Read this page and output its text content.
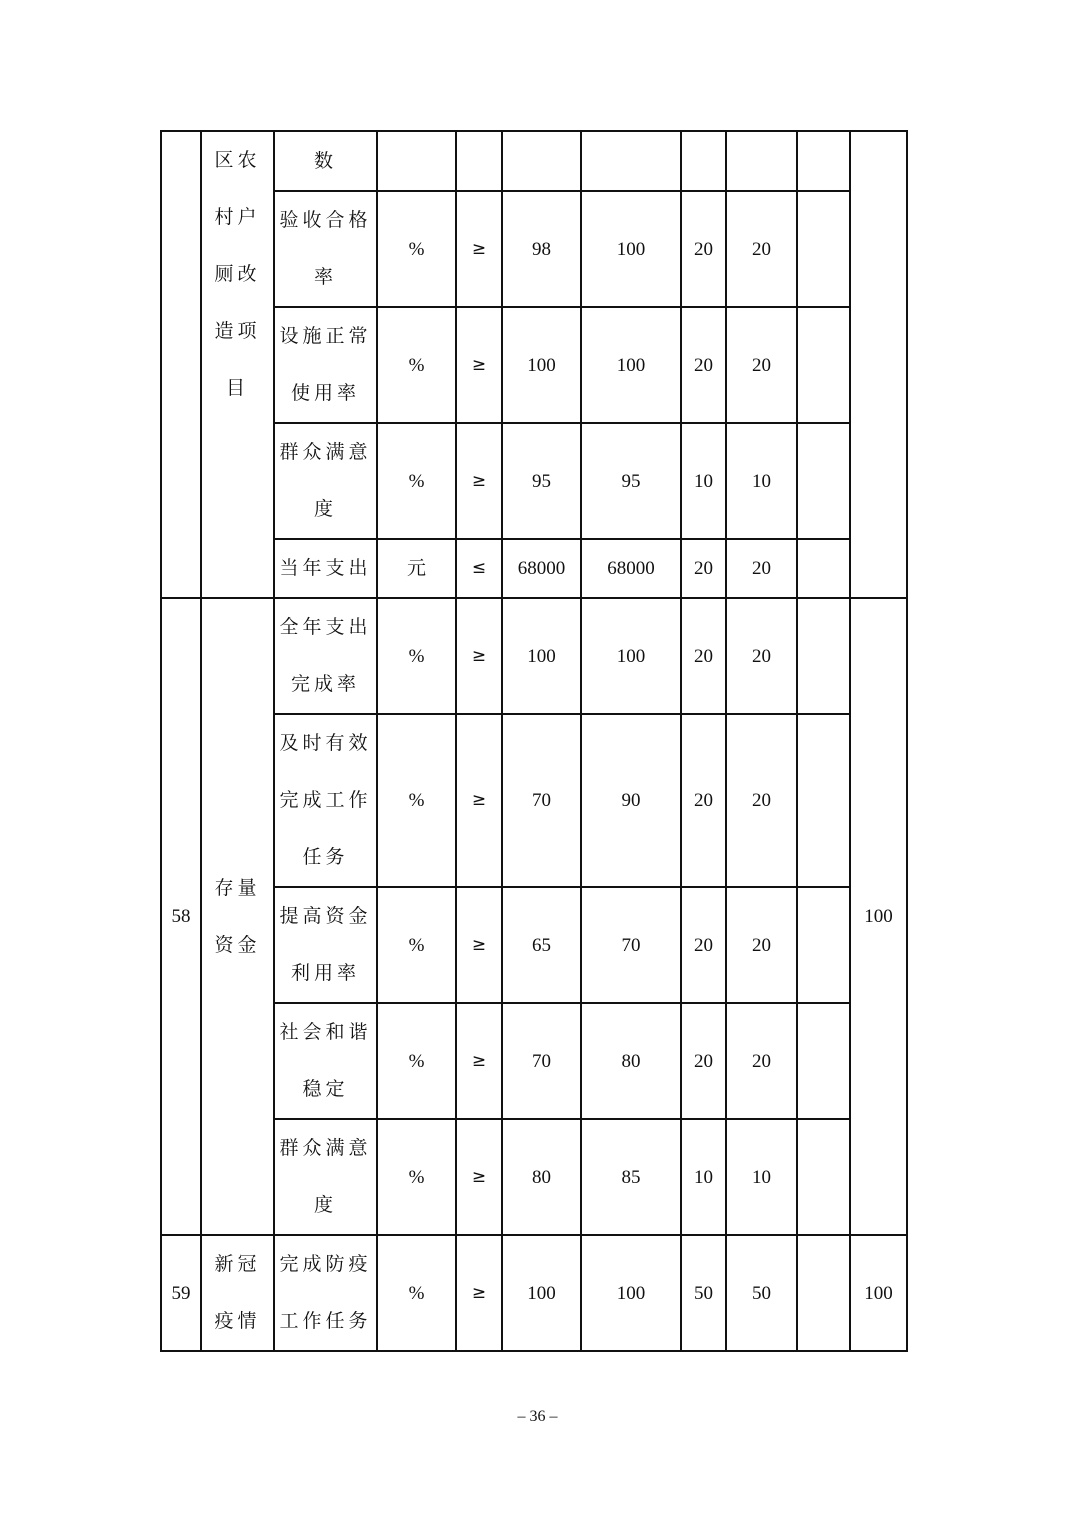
	区农
村户
厕改
造项
目	数								

		验收合格
率	%	≥	98	100	20	20		

		设施正常
使用率	%	≥	100	100	20	20		

		群众满意
度	%	≥	95	95	10	10		
		当年支出	元	≤	68000	68000	20	20		
58	存量
资金	全年支出
完成率	%	≥	100	100	20	20		100

		及时有效
完成工作
任务	%	≥	70	90	20	20		

		提高资金
利用率	%	≥	65	70	20	20		

		社会和谐
稳定	%	≥	70	80	20	20		

		群众满意
度	%	≥	80	85	10	10		
59	新冠
疫情	完成防疫
工作任务	%	≥	100	100	50	50		100
– 36 –
